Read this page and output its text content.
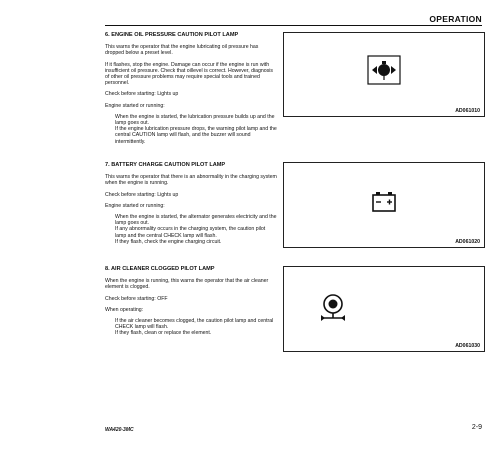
OPERATION
6. ENGINE OIL PRESSURE CAUTION PILOT LAMP

This warns the operator that the engine lubricating oil pressure has dropped below a preset level.

If it flashes, stop the engine. Damage can occur if the engine is run with insufficient oil pressure. Check that oillevel is correct. However, diagnosis of other oil pressure problems may require special tools and trained personnel.

Check before starting: Lights up

Engine started or running:

When the engine is started, the lubrication pressure builds up and the lamp goes out.
If the engine lubrication pressure drops, the warning pilot lamp and the central CAUTION lamp will flash, and the buzzer will sound intermittently.

AD061010
7. BATTERY CHARGE CAUTION PILOT LAMP

This warns the operator that there is an abnormality in the charging system when the engine is running.

Check before starting: Lights up

Engine started or running:

When the engine is started, the alternator generates electricity and the lamp goes out.
If any abnormality occurs in the charging system, the caution pilot lamp and the central CHECK lamp will flash.
If they flash, check the engine charging circuit.	AD061020
8. AIR CLEANER CLOGGED PILOT LAMP

When the engine is running, this warns the operator that the air cleaner element is clogged.

Check before starting: OFF

When operating:

If the air cleaner becomes clogged, the caution pilot lamp and central CHECK lamp will flash.
If they flash, clean or replace the element.

AD061030
WA420-3MC	2-9
